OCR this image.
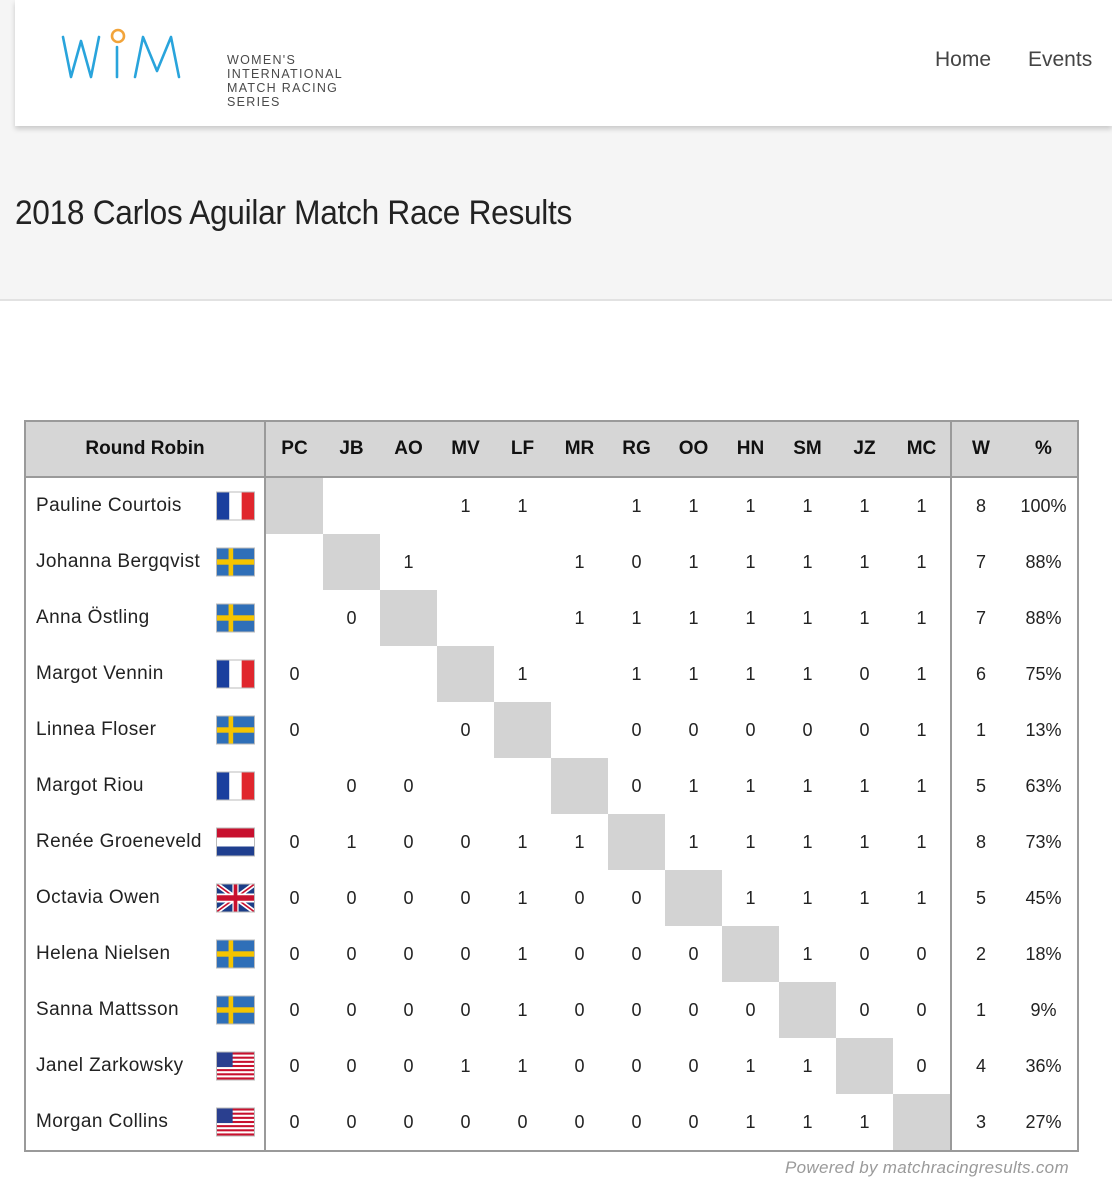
WOMEN'S INTERNATIONAL
MATCH RACING SERIES
Home Events
2018 Carlos Aguilar Match Race Results
Round Robin	PC	JB	AO	MV	LF	MR	RG	OO	HN	SM	JZ	MC	W	%

Pauline Courtois				1	1		1	1	1	1	1	1	8	100%

Johanna Bergqvist			1			1	0	1	1	1	1	1	7	88%

Anna Östling		0				1	1	1	1	1	1	1	7	88%

Margot Vennin	0				1		1	1	1	1	0	1	6	75%

Linnea Floser	0			0			0	0	0	0	0	1	1	13%

Margot Riou		0	0				0	1	1	1	1	1	5	63%

Renée Groeneveld	0	1	0	0	1	1		1	1	1	1	1	8	73%

Octavia Owen	0	0	0	0	1	0	0		1	1	1	1	5	45%

Helena Nielsen	0	0	0	0	1	0	0	0		1	0	0	2	18%

Sanna Mattsson	0	0	0	0	1	0	0	0	0		0	0	1	9%

Janel Zarkowsky	0	0	0	1	1	0	0	0	1	1		0	4	36%

Morgan Collins	0	0	0	0	0	0	0	0	1	1	1		3	27%
Powered by matchracingresults.com
